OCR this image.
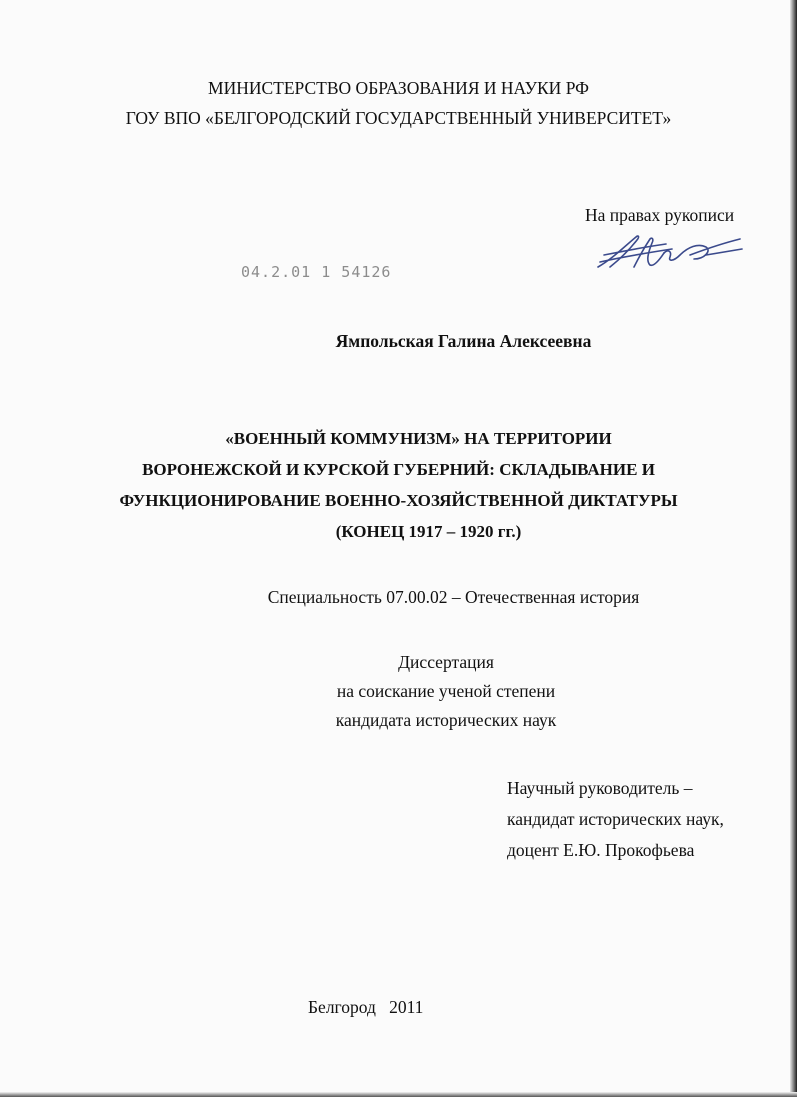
МИНИСТЕРСТВО ОБРАЗОВАНИЯ И НАУКИ РФ
ГОУ ВПО «БЕЛГОРОДСКИЙ ГОСУДАРСТВЕННЫЙ УНИВЕРСИТЕТ»
На правах рукописи
04.2.01 1 54126
Ямпольская Галина Алексеевна
«ВОЕННЫЙ КОММУНИЗМ» НА ТЕРРИТОРИИ
ВОРОНЕЖСКОЙ И КУРСКОЙ ГУБЕРНИЙ: СКЛАДЫВАНИЕ И
ФУНКЦИОНИРОВАНИЕ ВОЕННО-ХОЗЯЙСТВЕННОЙ ДИКТАТУРЫ
(КОНЕЦ 1917 – 1920 гг.)
Специальность 07.00.02 – Отечественная история
Диссертация
на соискание ученой степени
кандидата исторических наук
Научный руководитель –
кандидат исторических наук,
доцент Е.Ю. Прокофьева
Белгород   2011
